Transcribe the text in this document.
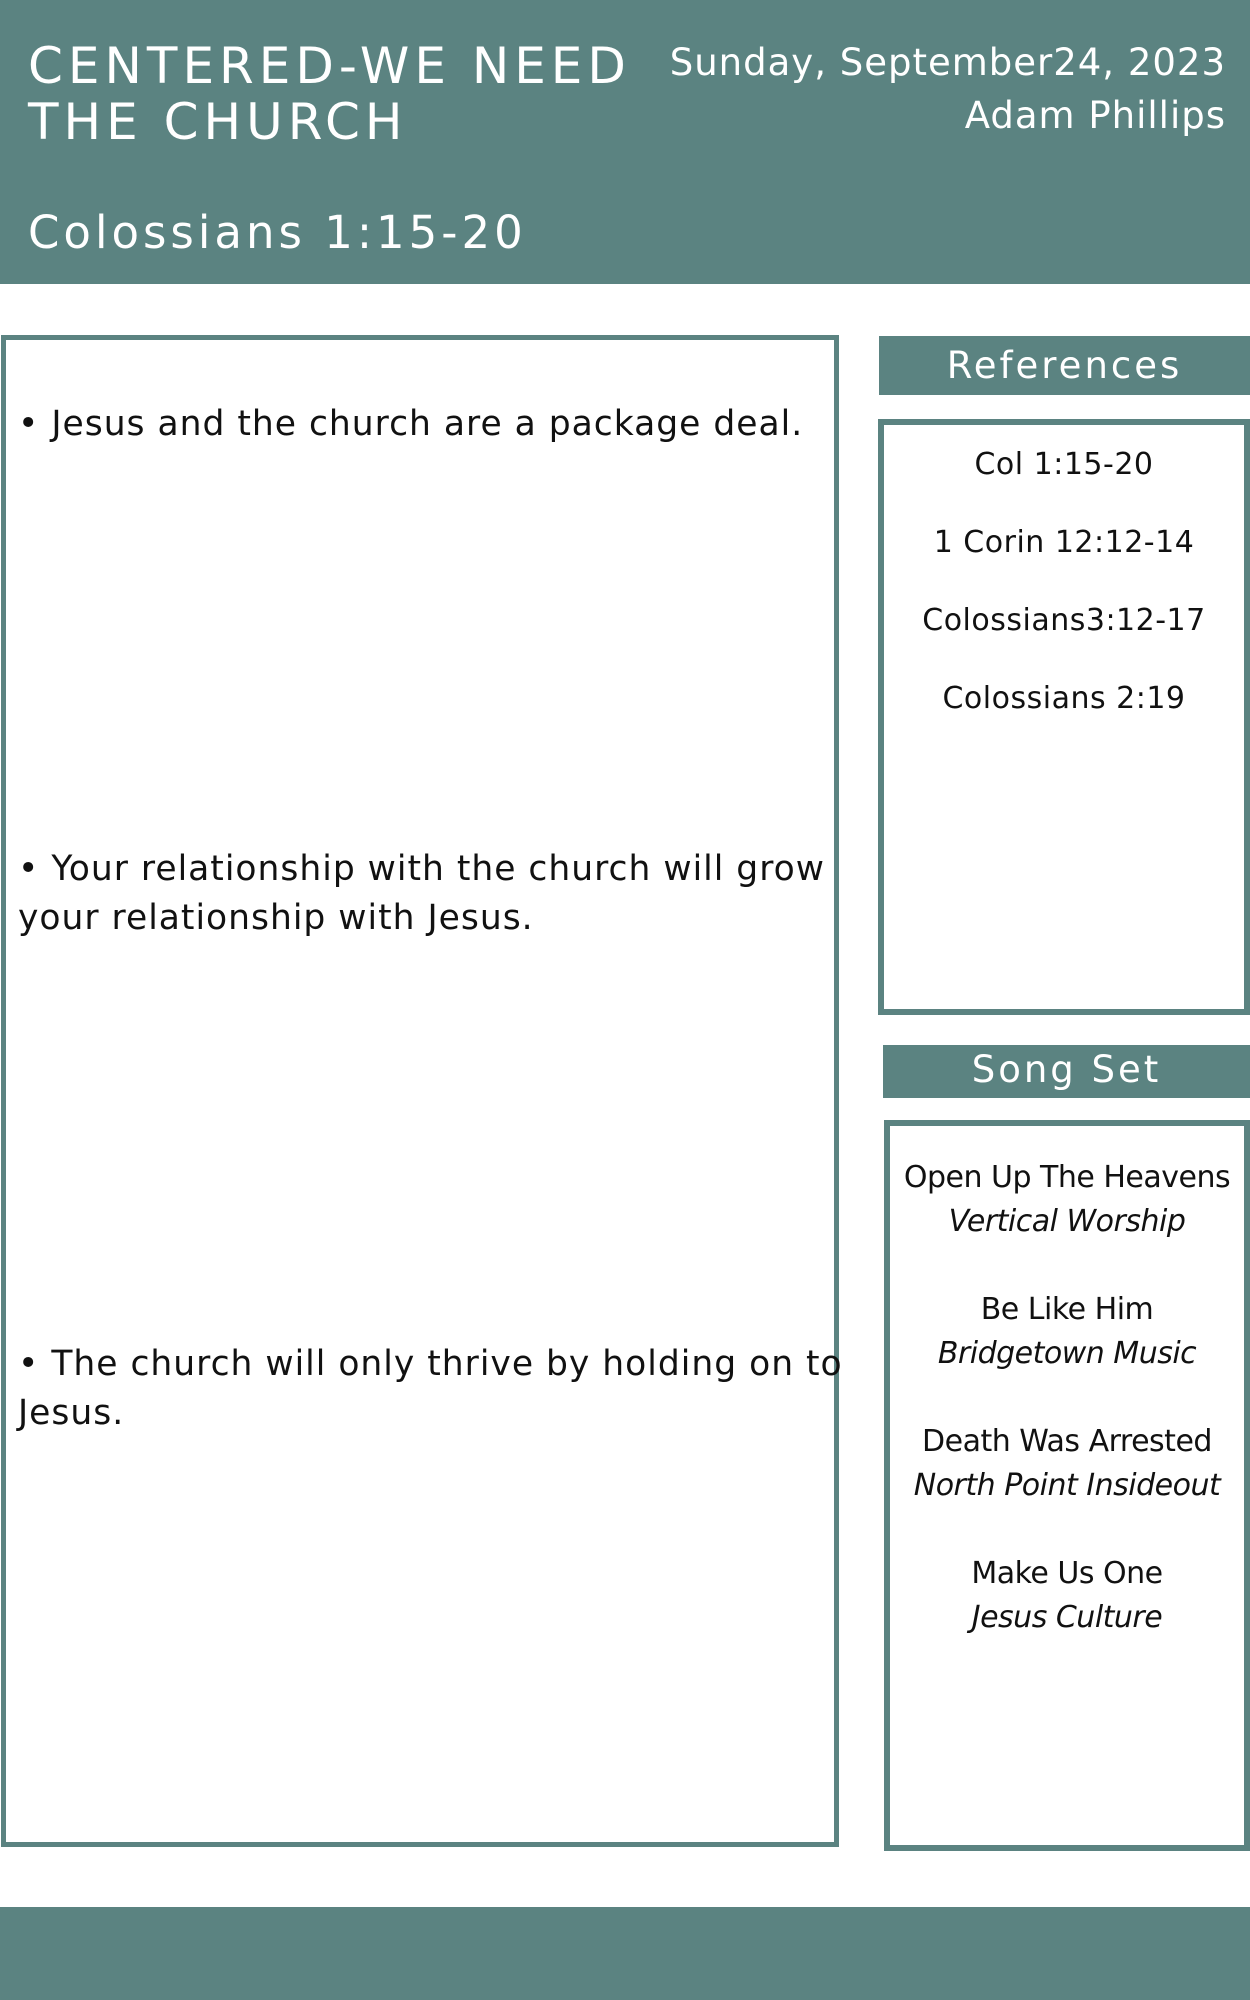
CENTERED-WE NEED
THE CHURCH
Colossians 1:15-20
Sunday, September24, 2023
Adam Phillips
• Jesus and the church are a package deal.
• Your relationship with the church will grow your relationship with Jesus.
• The church will only thrive by holding on to Jesus.
References
Col 1:15-20
1 Corin 12:12-14
Colossians3:12-17
Colossians 2:19
Song Set
Open Up The Heavens
Vertical Worship
Be Like Him
Bridgetown Music
Death Was Arrested
North Point Insideout
Make Us One
Jesus Culture
